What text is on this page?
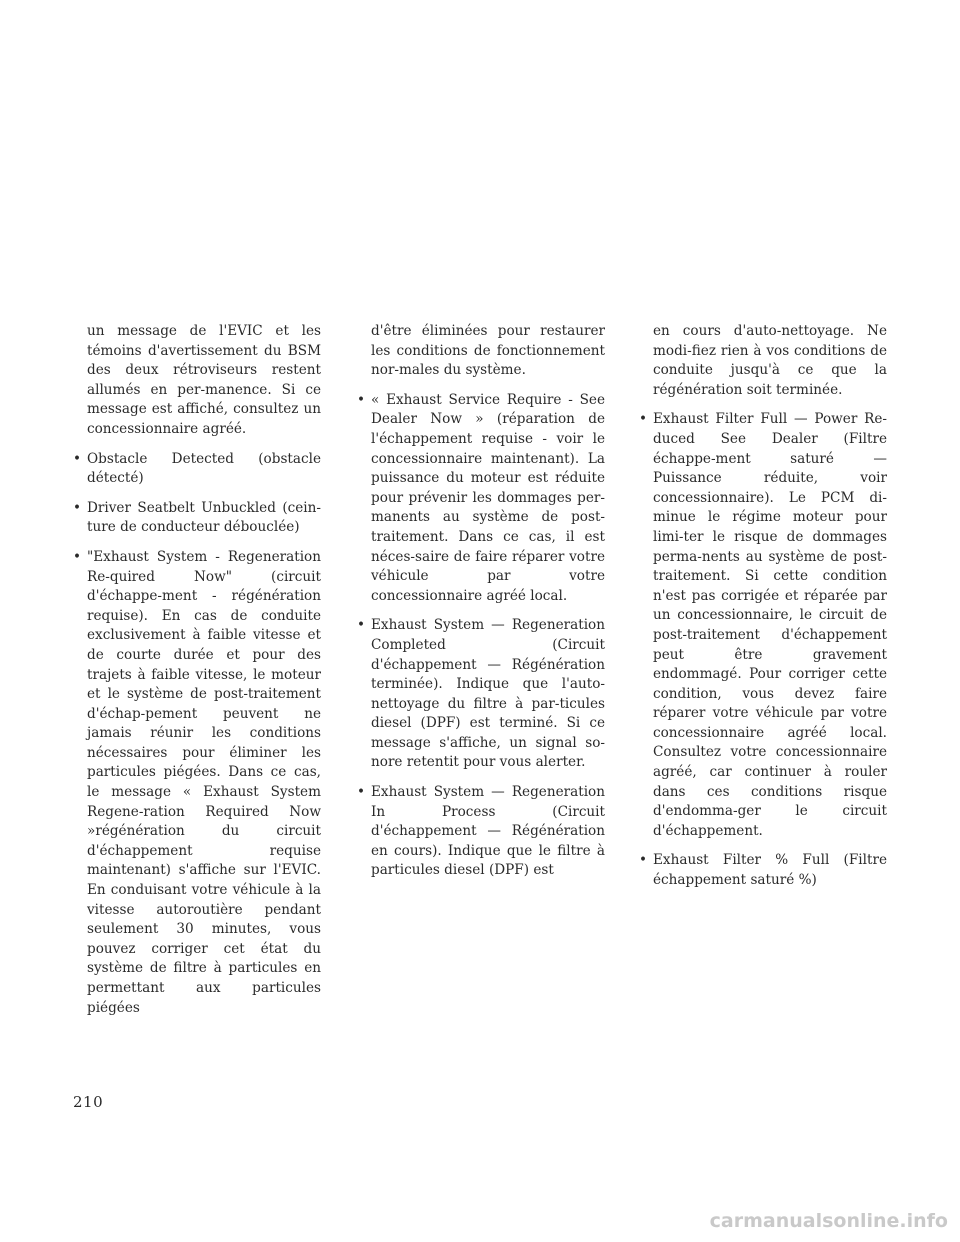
un message de l'EVIC et les témoins d'avertissement du BSM des deux rétroviseurs restent allumés en per-manence. Si ce message est affiché, consultez un concessionnaire agréé.

• Obstacle Detected (obstacle détecté)

• Driver Seatbelt Unbuckled (cein-ture de conducteur débouclée)

• "Exhaust System - Regeneration Re-quired Now" (circuit d'échappe-ment - régénération requise). En cas de conduite exclusivement à faible vitesse et de courte durée et pour des trajets à faible vitesse, le moteur et le système de post-traitement d'échap-pement peuvent ne jamais réunir les conditions nécessaires pour éliminer les particules piégées. Dans ce cas, le message « Exhaust System Regene-ration Required Now »régénération du circuit d'échappement requise maintenant) s'affiche sur l'EVIC. En conduisant votre véhicule à la vitesse autoroutière pendant seulement 30 minutes, vous pouvez corriger cet état du système de filtre à particules en permettant aux particules piégées

d'être éliminées pour restaurer les conditions de fonctionnement nor-males du système.

• « Exhaust Service Require - See Dealer Now » (réparation de l'échappement requise - voir le concessionnaire maintenant). La puissance du moteur est réduite pour prévenir les dommages per-manents au système de post-traitement. Dans ce cas, il est néces-saire de faire réparer votre véhicule par votre concessionnaire agréé local.

• Exhaust System — Regeneration Completed (Circuit d'échappement — Régénération terminée). Indique que l'auto-nettoyage du filtre à par-ticules diesel (DPF) est terminé. Si ce message s'affiche, un signal so-nore retentit pour vous alerter.

• Exhaust System — Regeneration In Process (Circuit d'échappement — Régénération en cours). Indique que le filtre à particules diesel (DPF) est

en cours d'auto-nettoyage. Ne modi-fiez rien à vos conditions de conduite jusqu'à ce que la régénération soit terminée.

• Exhaust Filter Full — Power Re-duced See Dealer (Filtre échappe-ment saturé — Puissance réduite, voir concessionnaire). Le PCM di-minue le régime moteur pour limi-ter le risque de dommages perma-nents au système de post-traitement. Si cette condition n'est pas corrigée et réparée par un concessionnaire, le circuit de post-traitement d'échappement peut être gravement endommagé. Pour corriger cette condition, vous devez faire réparer votre véhicule par votre concessionnaire agréé local. Consultez votre concessionnaire agréé, car continuer à rouler dans ces conditions risque d'endomma-ger le circuit d'échappement.

• Exhaust Filter % Full (Filtre échappement saturé %)

210
carmanualsonline.info
